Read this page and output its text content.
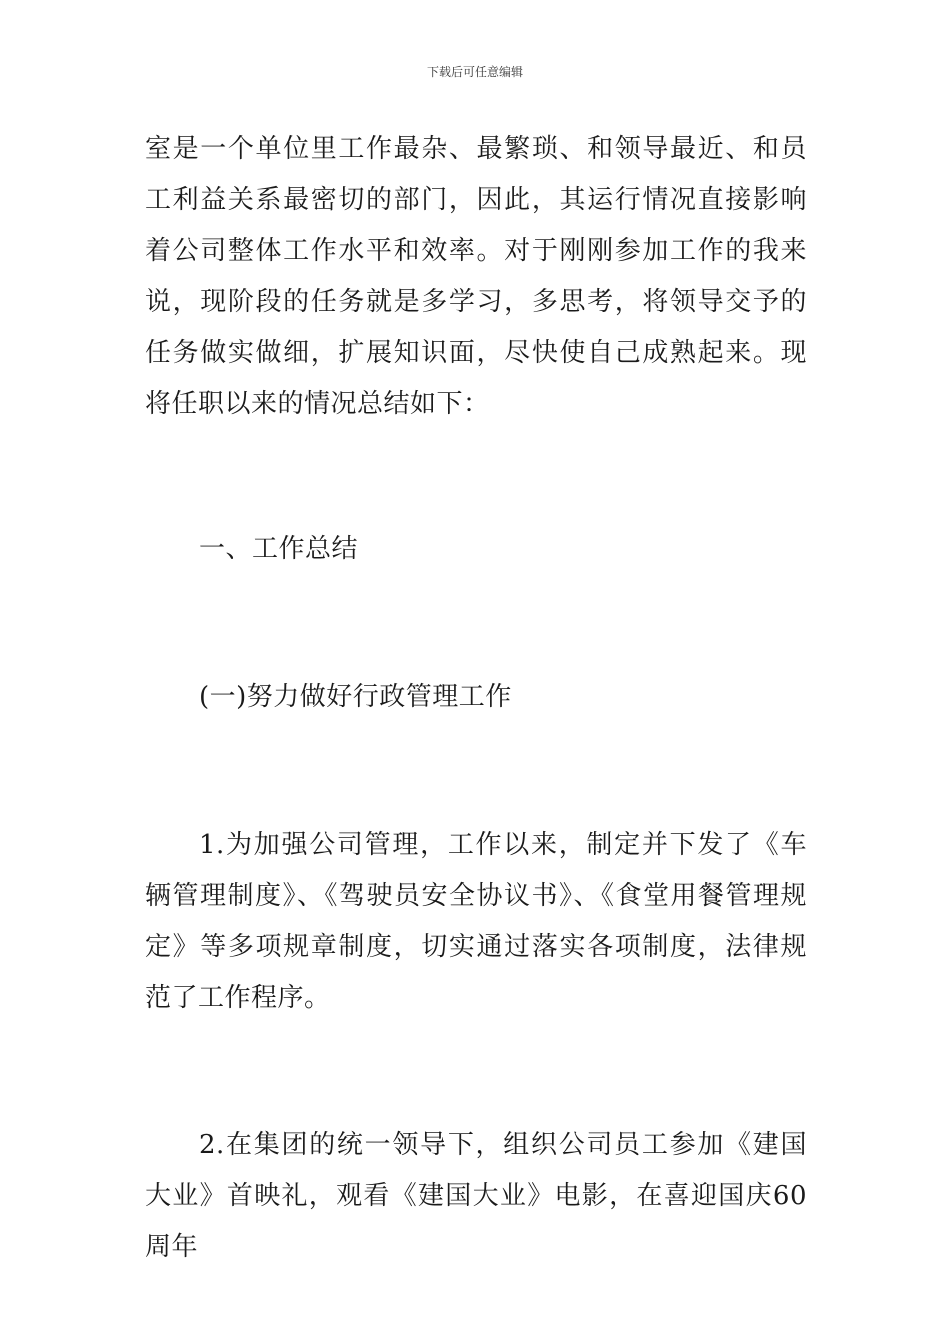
下载后可任意编辑

室是一个单位里工作最杂、最繁琐、和领导最近、和员工利益关系最密切的部门，因此，其运行情况直接影响着公司整体工作水平和效率。对于刚刚参加工作的我来说，现阶段的任务就是多学习，多思考，将领导交予的任务做实做细，扩展知识面，尽快使自己成熟起来。现将任职以来的情况总结如下：

一、工作总结

(一)努力做好行政管理工作

1.为加强公司管理，工作以来，制定并下发了《车辆管理制度》、《驾驶员安全协议书》、《食堂用餐管理规定》等多项规章制度，切实通过落实各项制度，法律规范了工作程序。

2.在集团的统一领导下，组织公司员工参加《建国大业》首映礼，观看《建国大业》电影，在喜迎国庆60周年
